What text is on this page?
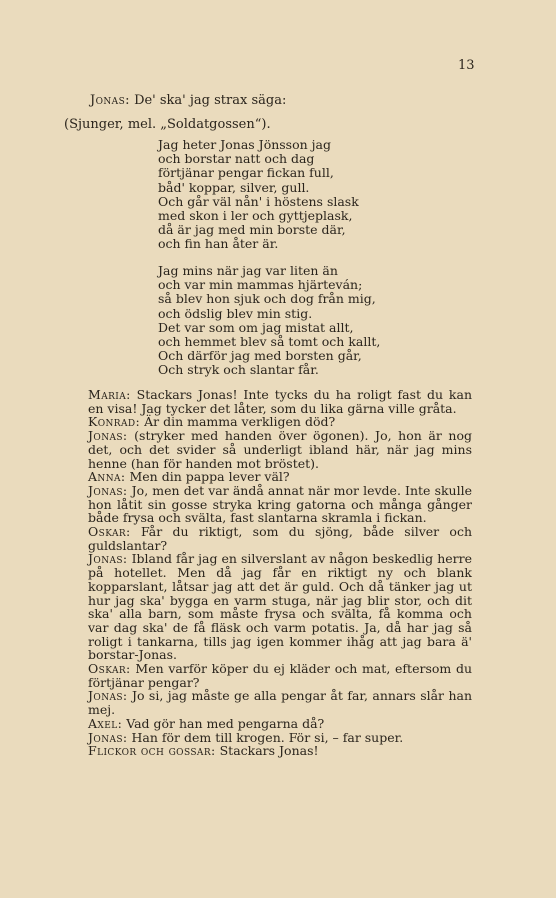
13
Jonas: De' ska' jag strax säga:
(Sjunger, mel. „Soldatgossen“).
Jag heter Jonas Jönsson jag
och borstar natt och dag
förtjänar pengar fickan full,
båd' koppar, silver, gull.
Och går väl nån' i höstens slask
med skon i ler och gyttjeplask,
då är jag med min borste där,
och fin han åter är.
Jag mins när jag var liten än
och var min mammas hjärteván;
så blev hon sjuk och dog från mig,
och ödslig blev min stig.
Det var som om jag mistat allt,
och hemmet blev så tomt och kallt,
Och därför jag med borsten går,
Och stryk och slantar får.

Maria: Stackars Jonas! Inte tycks du ha roligt fast du kan en visa! Jag tycker det låter, som du lika gärna ville gråta.

Konrad: Är din mamma verkligen död?

Jonas: (stryker med handen över ögonen). Jo, hon är nog det, och det svider så underligt ibland här, när jag mins henne (han för handen mot bröstet).

Anna: Men din pappa lever väl?

Jonas: Jo, men det var ändå annat när mor levde. Inte skulle hon låtit sin gosse stryka kring gatorna och många gånger både frysa och svälta, fast slantarna skramla i fickan.

Oskar: Får du riktigt, som du sjöng, både silver och guldslantar?

Jonas: Ibland får jag en silverslant av någon beskedlig herre på hotellet. Men då jag får en riktigt ny och blank kopparslant, låtsar jag att det är guld. Och då tänker jag ut hur jag ska' bygga en varm stuga, när jag blir stor, och dit ska' alla barn, som måste frysa och svälta, få komma och var dag ska' de få fläsk och varm potatis. Ja, då har jag så roligt i tankarna, tills jag igen kommer ihåg att jag bara ä' borstar-Jonas.

Oskar: Men varför köper du ej kläder och mat, eftersom du förtjänar pengar?

Jonas: Jo si, jag måste ge alla pengar åt far, annars slår han mej.

Axel: Vad gör han med pengarna då?

Jonas: Han för dem till krogen. För si, – far super.

Flickor och gossar: Stackars Jonas!
